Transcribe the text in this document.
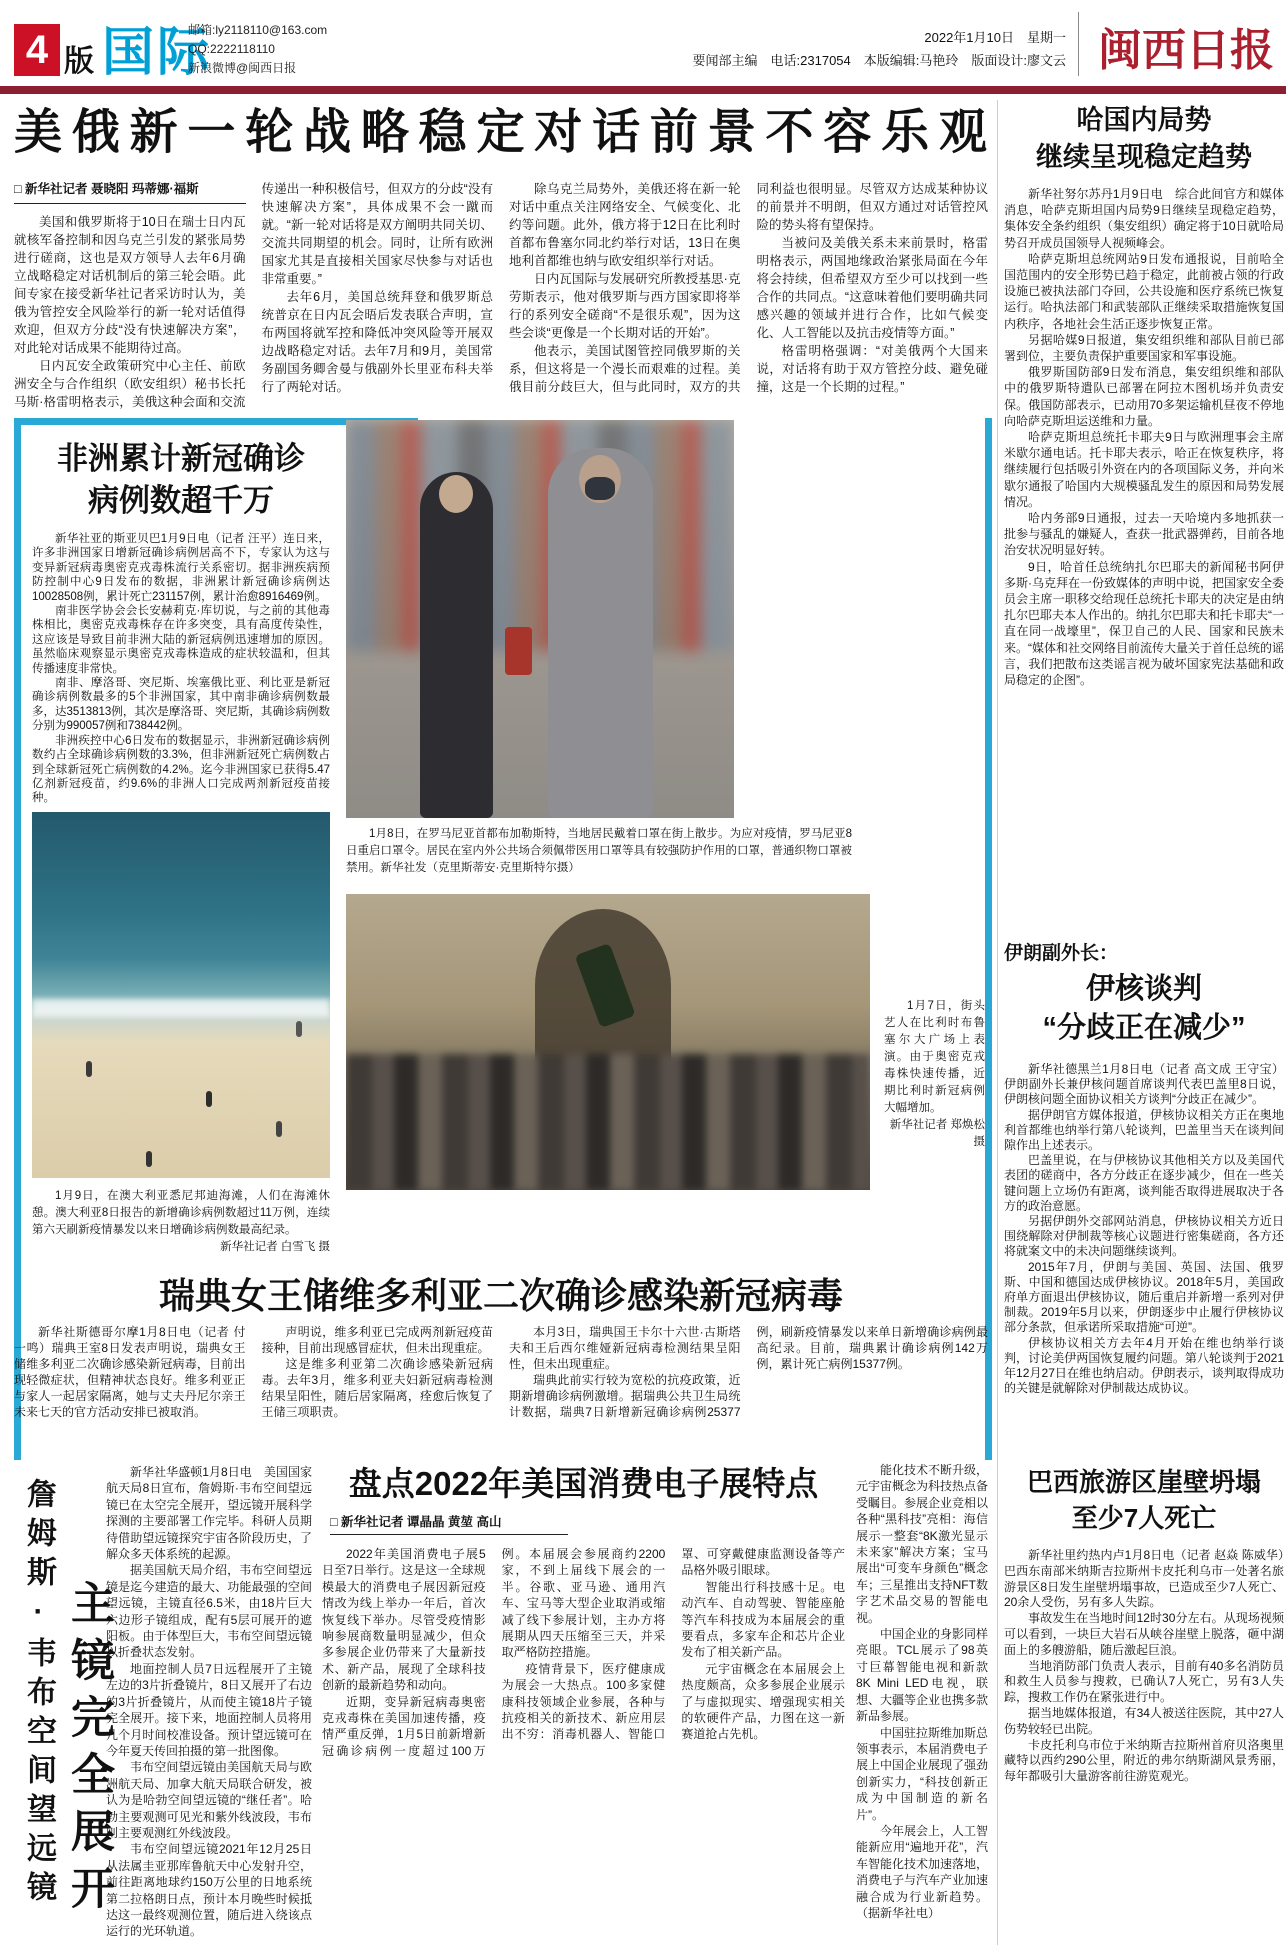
4 版 国际
邮箱:ly2118110@163.com
QQ:2222118110
新浪微博@闽西日报
2022年1月10日　星期一
要闻部主编　电话:2317054　本版编辑:马艳玲　版面设计:廖文云 闽西日报
美俄新一轮战略稳定对话前景不容乐观

□ 新华社记者 聂晓阳 玛蒂娜·福斯

美国和俄罗斯将于10日在瑞士日内瓦就核军备控制和因乌克兰引发的紧张局势进行磋商，这也是双方领导人去年6月确立战略稳定对话机制后的第三轮会晤。此间专家在接受新华社记者采访时认为，美俄为管控安全风险举行的新一轮对话值得欢迎，但双方分歧“没有快速解决方案”，对此轮对话成果不能期待过高。

日内瓦安全政策研究中心主任、前欧洲安全与合作组织（欧安组织）秘书长托马斯·格雷明格表示，美俄这种会面和交流传递出一种积极信号，但双方的分歧“没有快速解决方案”，具体成果不会一蹴而就。“新一轮对话将是双方阐明共同关切、交流共同期望的机会。同时，让所有欧洲国家尤其是直接相关国家尽快参与对话也非常重要。”

去年6月，美国总统拜登和俄罗斯总统普京在日内瓦会晤后发表联合声明，宣布两国将就军控和降低冲突风险等开展双边战略稳定对话。去年7月和9月，美国常务副国务卿舍曼与俄副外长里亚布科夫举行了两轮对话。

除乌克兰局势外，美俄还将在新一轮对话中重点关注网络安全、气候变化、北约等问题。此外，俄方将于12日在比利时首都布鲁塞尔同北约举行对话，13日在奥地利首都维也纳与欧安组织举行对话。

日内瓦国际与发展研究所教授基思·克劳斯表示，他对俄罗斯与西方国家即将举行的系列安全磋商“不是很乐观”，因为这些会谈“更像是一个长期对话的开始”。

他表示，美国试图管控同俄罗斯的关系，但这将是一个漫长而艰难的过程。美俄目前分歧巨大，但与此同时，双方的共同利益也很明显。尽管双方达成某种协议的前景并不明朗，但双方通过对话管控风险的势头将有望保持。

当被问及美俄关系未来前景时，格雷明格表示，两国地缘政治紧张局面在今年将会持续，但希望双方至少可以找到一些合作的共同点。“这意味着他们要明确共同感兴趣的领域并进行合作，比如气候变化、人工智能以及抗击疫情等方面。”

格雷明格强调：“对美俄两个大国来说，对话将有助于双方管控分歧、避免碰撞，这是一个长期的过程。”

哈国内局势
继续呈现稳定趋势

新华社努尔苏丹1月9日电　综合此间官方和媒体消息，哈萨克斯坦国内局势9日继续呈现稳定趋势，集体安全条约组织（集安组织）确定将于10日就哈局势召开成员国领导人视频峰会。

哈萨克斯坦总统网站9日发布通报说，目前哈全国范围内的安全形势已趋于稳定，此前被占领的行政设施已被执法部门夺回，公共设施和医疗系统已恢复运行。哈执法部门和武装部队正继续采取措施恢复国内秩序，各地社会生活正逐步恢复正常。

另据哈媒9日报道，集安组织维和部队目前已部署到位，主要负责保护重要国家和军事设施。

俄罗斯国防部9日发布消息，集安组织维和部队中的俄罗斯特遣队已部署在阿拉木图机场并负责安保。俄国防部表示，已动用70多架运输机昼夜不停地向哈萨克斯坦运送维和力量。

哈萨克斯坦总统托卡耶夫9日与欧洲理事会主席米歇尔通电话。托卡耶夫表示，哈正在恢复秩序，将继续履行包括吸引外资在内的各项国际义务，并向米歇尔通报了哈国内大规模骚乱发生的原因和局势发展情况。

哈内务部9日通报，过去一天哈境内多地抓获一批参与骚乱的嫌疑人，查获一批武器弹药，目前各地治安状况明显好转。

9日，哈首任总统纳扎尔巴耶夫的新闻秘书阿伊多斯·乌克拜在一份致媒体的声明中说，把国家安全委员会主席一职移交给现任总统托卡耶夫的决定是由纳扎尔巴耶夫本人作出的。纳扎尔巴耶夫和托卡耶夫“一直在同一战壕里”，保卫自己的人民、国家和民族未来。“媒体和社交网络目前流传大量关于首任总统的谣言，我们把散布这类谣言视为破坏国家宪法基础和政局稳定的企图”。

伊朗副外长：
伊核谈判
“分歧正在减少”

新华社德黑兰1月8日电（记者 高文成 王守宝）伊朗副外长兼伊核问题首席谈判代表巴盖里8日说，伊朗核问题全面协议相关方谈判“分歧正在减少”。

据伊朗官方媒体报道，伊核协议相关方正在奥地利首都维也纳举行第八轮谈判，巴盖里当天在谈判间隙作出上述表示。

巴盖里说，在与伊核协议其他相关方以及美国代表团的磋商中，各方分歧正在逐步减少，但在一些关键问题上立场仍有距离，谈判能否取得进展取决于各方的政治意愿。

另据伊朗外交部网站消息，伊核协议相关方近日围绕解除对伊制裁等核心议题进行密集磋商，各方还将就案文中的未决问题继续谈判。

2015年7月，伊朗与美国、英国、法国、俄罗斯、中国和德国达成伊核协议。2018年5月，美国政府单方面退出伊核协议，随后重启并新增一系列对伊制裁。2019年5月以来，伊朗逐步中止履行伊核协议部分条款，但承诺所采取措施“可逆”。

伊核协议相关方去年4月开始在维也纳举行谈判，讨论美伊两国恢复履约问题。第八轮谈判于2021年12月27日在维也纳启动。伊朗表示，谈判取得成功的关键是就解除对伊制裁达成协议。

巴西旅游区崖壁坍塌
至少7人死亡

新华社里约热内卢1月8日电（记者 赵焱 陈威华）巴西东南部米纳斯吉拉斯州卡皮托利乌市一处著名旅游景区8日发生崖壁坍塌事故，已造成至少7人死亡、20余人受伤，另有多人失踪。

事故发生在当地时间12时30分左右。从现场视频可以看到，一块巨大岩石从峡谷崖壁上脱落，砸中湖面上的多艘游船，随后激起巨浪。

当地消防部门负责人表示，目前有40多名消防员和救生人员参与搜救，已确认7人死亡，另有3人失踪，搜救工作仍在紧张进行中。

据当地媒体报道，有34人被送往医院，其中27人伤势较轻已出院。

卡皮托利乌市位于米纳斯吉拉斯州首府贝洛奥里藏特以西约290公里，附近的弗尔纳斯湖风景秀丽，每年都吸引大量游客前往游览观光。

非洲累计新冠确诊
病例数超千万

新华社亚的斯亚贝巴1月9日电（记者 汪平）连日来，许多非洲国家日增新冠确诊病例居高不下，专家认为这与变异新冠病毒奥密克戎毒株流行关系密切。据非洲疾病预防控制中心9日发布的数据，非洲累计新冠确诊病例达10028508例，累计死亡231157例，累计治愈8916469例。

南非医学协会会长安赫莉克·库切说，与之前的其他毒株相比，奥密克戎毒株存在许多突变，具有高度传染性，这应该是导致目前非洲大陆的新冠病例迅速增加的原因。虽然临床观察显示奥密克戎毒株造成的症状较温和，但其传播速度非常快。

南非、摩洛哥、突尼斯、埃塞俄比亚、利比亚是新冠确诊病例数最多的5个非洲国家，其中南非确诊病例数最多，达3513813例，其次是摩洛哥、突尼斯，其确诊病例数分别为990057例和738442例。

非洲疾控中心6日发布的数据显示，非洲新冠确诊病例数约占全球确诊病例数的3.3%，但非洲新冠死亡病例数占到全球新冠死亡病例数的4.2%。迄今非洲国家已获得5.47亿剂新冠疫苗，约9.6%的非洲人口完成两剂新冠疫苗接种。

1月9日，在澳大利亚悉尼邦迪海滩，人们在海滩休憩。澳大利亚8日报告的新增确诊病例数超过11万例，连续第六天刷新疫情暴发以来日增确诊病例数最高纪录。

新华社记者 白雪飞 摄

1月8日，在罗马尼亚首都布加勒斯特，当地居民戴着口罩在街上散步。为应对疫情，罗马尼亚8日重启口罩令。居民在室内外公共场合须佩带医用口罩等具有较强防护作用的口罩，普通织物口罩被禁用。新华社发（克里斯蒂安·克里斯特尔摄）

1月7日，街头艺人在比利时布鲁塞尔大广场上表演。由于奥密克戎毒株快速传播，近期比利时新冠病例大幅增加。

新华社记者 郑焕松 摄
瑞典女王储维多利亚二次确诊感染新冠病毒

新华社斯德哥尔摩1月8日电（记者 付一鸣）瑞典王室8日发表声明说，瑞典女王储维多利亚二次确诊感染新冠病毒，目前出现轻微症状，但精神状态良好。维多利亚正与家人一起居家隔离，她与丈夫丹尼尔亲王未来七天的官方活动安排已被取消。

声明说，维多利亚已完成两剂新冠疫苗接种，目前出现感冒症状，但未出现重症。

这是维多利亚第二次确诊感染新冠病毒。去年3月，维多利亚夫妇新冠病毒检测结果呈阳性，随后居家隔离，痊愈后恢复了王储三项职责。

本月3日，瑞典国王卡尔十六世·古斯塔夫和王后西尔维娅新冠病毒检测结果呈阳性，但未出现重症。

瑞典此前实行较为宽松的抗疫政策，近期新增确诊病例激增。据瑞典公共卫生局统计数据，瑞典7日新增新冠确诊病例25377例，刷新疫情暴发以来单日新增确诊病例最高纪录。目前，瑞典累计确诊病例142万例，累计死亡病例15377例。

詹姆斯·韦布空间望远镜 主镜完全展开

新华社华盛顿1月8日电　美国国家航天局8日宣布，詹姆斯·韦布空间望远镜已在太空完全展开，望远镜开展科学探测的主要部署工作完毕。科研人员期待借助望远镜探究宇宙各阶段历史，了解众多天体系统的起源。

据美国航天局介绍，韦布空间望远镜是迄今建造的最大、功能最强的空间望远镜，主镜直径6.5米，由18片巨大六边形子镜组成，配有5层可展开的遮阳板。由于体型巨大，韦布空间望远镜以折叠状态发射。

地面控制人员7日远程展开了主镜左边的3片折叠镜片，8日又展开了右边的3片折叠镜片，从而使主镜18片子镜完全展开。接下来，地面控制人员将用几个月时间校准设备。预计望远镜可在今年夏天传回拍摄的第一批图像。

韦布空间望远镜由美国航天局与欧洲航天局、加拿大航天局联合研发，被认为是哈勃空间望远镜的“继任者”。哈勃主要观测可见光和紫外线波段，韦布则主要观测红外线波段。

韦布空间望远镜2021年12月25日从法属圭亚那库鲁航天中心发射升空，前往距离地球约150万公里的日地系统第二拉格朗日点，预计本月晚些时候抵达这一最终观测位置，随后进入绕该点运行的光环轨道。

盘点2022年美国消费电子展特点
□ 新华社记者 谭晶晶 黄堃 高山

2022年美国消费电子展5日至7日举行。这是这一全球规模最大的消费电子展因新冠疫情改为线上举办一年后，首次恢复线下举办。尽管受疫情影响参展商数量明显减少，但众多参展企业仍带来了大量新技术、新产品，展现了全球科技创新的最新趋势和动向。

近期，变异新冠病毒奥密克戎毒株在美国加速传播，疫情严重反弹，1月5日前新增新冠确诊病例一度超过100万例。本届展会参展商约2200家，不到上届线下展会的一半。谷歌、亚马逊、通用汽车、宝马等大型企业取消或缩减了线下参展计划，主办方将展期从四天压缩至三天，并采取严格防控措施。

疫情背景下，医疗健康成为展会一大热点。100多家健康科技领域企业参展，各种与抗疫相关的新技术、新应用层出不穷：消毒机器人、智能口罩、可穿戴健康监测设备等产品格外吸引眼球。

智能出行科技感十足。电动汽车、自动驾驶、智能座舱等汽车科技成为本届展会的重要看点，多家车企和芯片企业发布了相关新产品。

元宇宙概念在本届展会上热度颇高，众多参展企业展示了与虚拟现实、增强现实相关的软硬件产品，力图在这一新赛道抢占先机。

能化技术不断升级，元宇宙概念为科技热点备受瞩目。参展企业竞相以各种“黑科技”亮相：海信展示一整套“8K激光显示未来家”解决方案；宝马展出“可变车身颜色”概念车；三星推出支持NFT数字艺术品交易的智能电视。

中国企业的身影同样亮眼。TCL展示了98英寸巨幕智能电视和新款8K Mini LED电视，联想、大疆等企业也携多款新品参展。

中国驻拉斯维加斯总领事表示，本届消费电子展上中国企业展现了强劲创新实力，“科技创新正成为中国制造的新名片”。

今年展会上，人工智能新应用“遍地开花”，汽车智能化技术加速落地，消费电子与汽车产业加速融合成为行业新趋势。（据新华社电）
